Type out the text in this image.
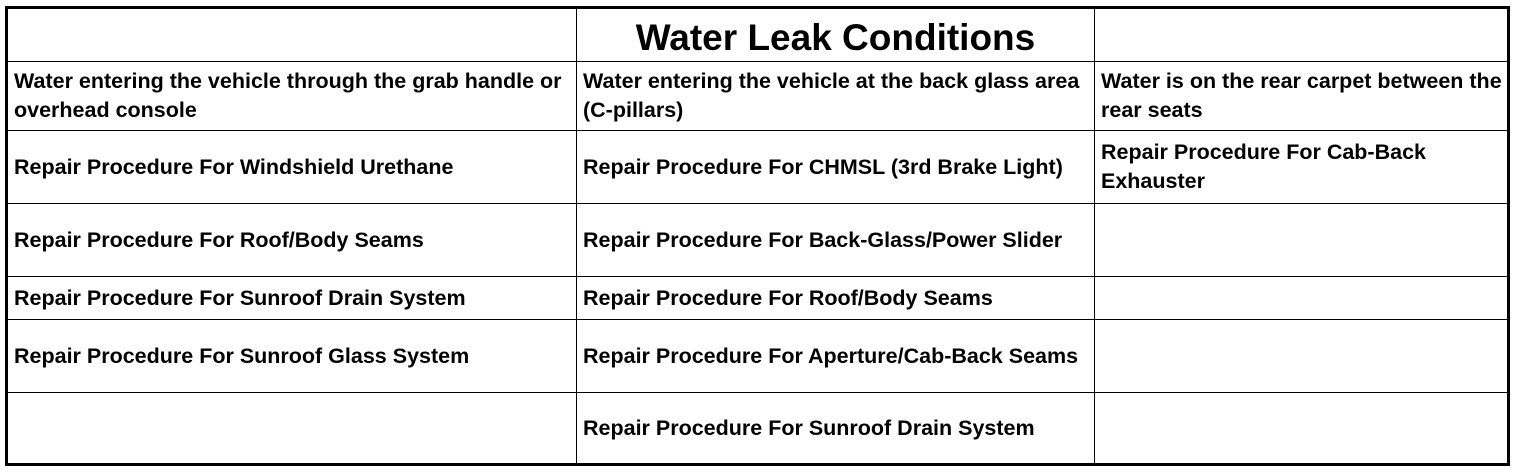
	Water Leak Conditions	
Water entering the vehicle through the grab handle or overhead console	Water entering the vehicle at the back glass area (C-pillars)	Water is on the rear carpet between the rear seats
Repair Procedure For Windshield Urethane	Repair Procedure For CHMSL (3rd Brake Light)	Repair Procedure For Cab-Back Exhauster
Repair Procedure For Roof/Body Seams	Repair Procedure For Back-Glass/Power Slider	
Repair Procedure For Sunroof Drain System	Repair Procedure For Roof/Body Seams	
Repair Procedure For Sunroof Glass System	Repair Procedure For Aperture/Cab-Back Seams	
	Repair Procedure For Sunroof Drain System	
